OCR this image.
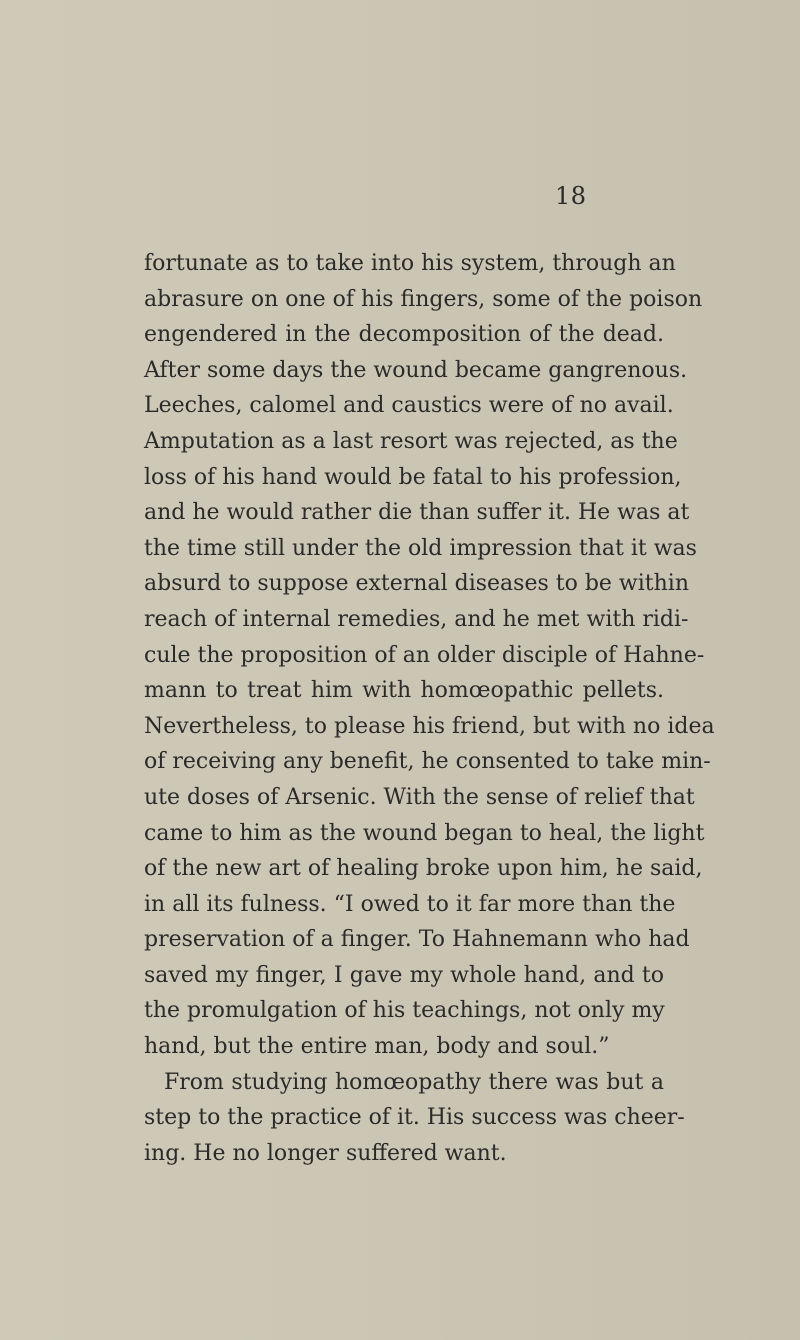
18
fortunate as to take into his system, through an
abrasure on one of his fingers, some of the poison
engendered in the decomposition of the dead.
After some days the wound became gangrenous.
Leeches, calomel and caustics were of no avail.
Amputation as a last resort was rejected, as the
loss of his hand would be fatal to his profession,
and he would rather die than suffer it. He was at
the time still under the old impression that it was
absurd to suppose external diseases to be within
reach of internal remedies, and he met with ridi-
cule the proposition of an older disciple of Hahne-
mann to treat him with homœopathic pellets.
Nevertheless, to please his friend, but with no idea
of receiving any benefit, he consented to take min-
ute doses of Arsenic. With the sense of relief that
came to him as the wound began to heal, the light
of the new art of healing broke upon him, he said,
in all its fulness. “I owed to it far more than the
preservation of a finger. To Hahnemann who had
saved my finger, I gave my whole hand, and to
the promulgation of his teachings, not only my
hand, but the entire man, body and soul.”
From studying homœopathy there was but a
step to the practice of it. His success was cheer-
ing. He no longer suffered want.
